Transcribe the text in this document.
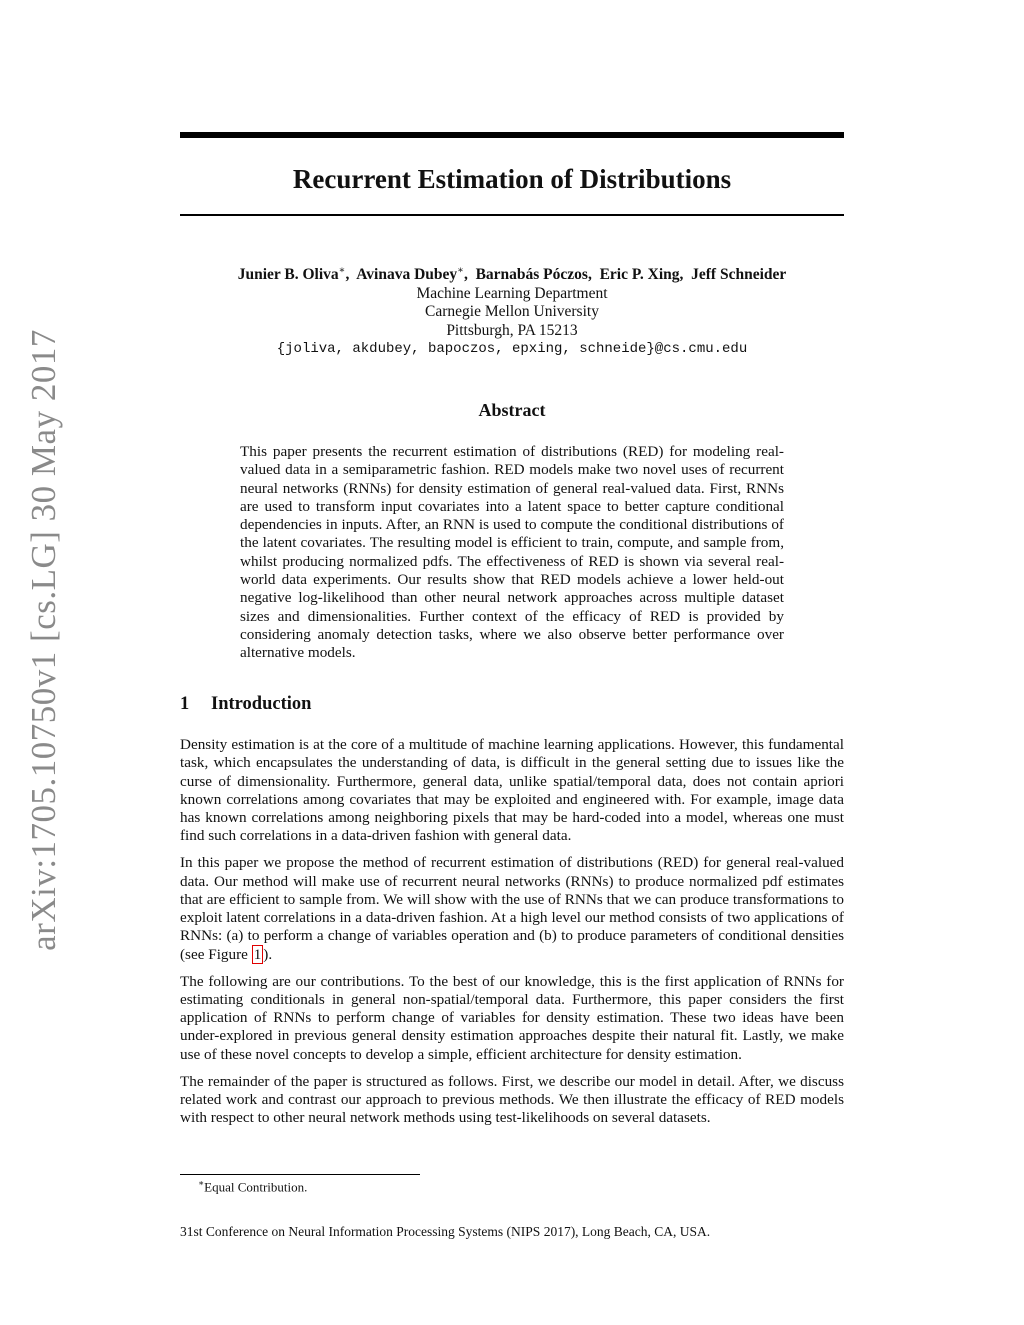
arXiv:1705.10750v1 [cs.LG] 30 May 2017
Recurrent Estimation of Distributions
Junier B. Oliva∗,  Avinava Dubey∗,  Barnabás Póczos,  Eric P. Xing,  Jeff Schneider
Machine Learning Department
Carnegie Mellon University
Pittsburgh, PA 15213
{joliva, akdubey, bapoczos, epxing, schneide}@cs.cmu.edu
Abstract

This paper presents the recurrent estimation of distributions (RED) for modeling real-valued data in a semiparametric fashion. RED models make two novel uses of recurrent neural networks (RNNs) for density estimation of general real-valued data. First, RNNs are used to transform input covariates into a latent space to better capture conditional dependencies in inputs. After, an RNN is used to compute the conditional distributions of the latent covariates. The resulting model is efficient to train, compute, and sample from, whilst producing normalized pdfs. The effectiveness of RED is shown via several real-world data experiments. Our results show that RED models achieve a lower held-out negative log-likelihood than other neural network approaches across multiple dataset sizes and dimensionalities. Further context of the efficacy of RED is provided by considering anomaly detection tasks, where we also observe better performance over alternative models.

1 Introduction

Density estimation is at the core of a multitude of machine learning applications. However, this fundamental task, which encapsulates the understanding of data, is difficult in the general setting due to issues like the curse of dimensionality. Furthermore, general data, unlike spatial/temporal data, does not contain apriori known correlations among covariates that may be exploited and engineered with. For example, image data has known correlations among neighboring pixels that may be hard-coded into a model, whereas one must find such correlations in a data-driven fashion with general data.

In this paper we propose the method of recurrent estimation of distributions (RED) for general real-valued data. Our method will make use of recurrent neural networks (RNNs) to produce normalized pdf estimates that are efficient to sample from. We will show with the use of RNNs that we can produce transformations to exploit latent correlations in a data-driven fashion. At a high level our method consists of two applications of RNNs: (a) to perform a change of variables operation and (b) to produce parameters of conditional densities (see Figure 1 ).

The following are our contributions. To the best of our knowledge, this is the first application of RNNs for estimating conditionals in general non-spatial/temporal data. Furthermore, this paper considers the first application of RNNs to perform change of variables for density estimation. These two ideas have been under-explored in previous general density estimation approaches despite their natural fit. Lastly, we make use of these novel concepts to develop a simple, efficient architecture for density estimation.

The remainder of the paper is structured as follows. First, we describe our model in detail. After, we discuss related work and contrast our approach to previous methods. We then illustrate the efficacy of RED models with respect to other neural network methods using test-likelihoods on several datasets.

∗Equal Contribution.
31st Conference on Neural Information Processing Systems (NIPS 2017), Long Beach, CA, USA.
